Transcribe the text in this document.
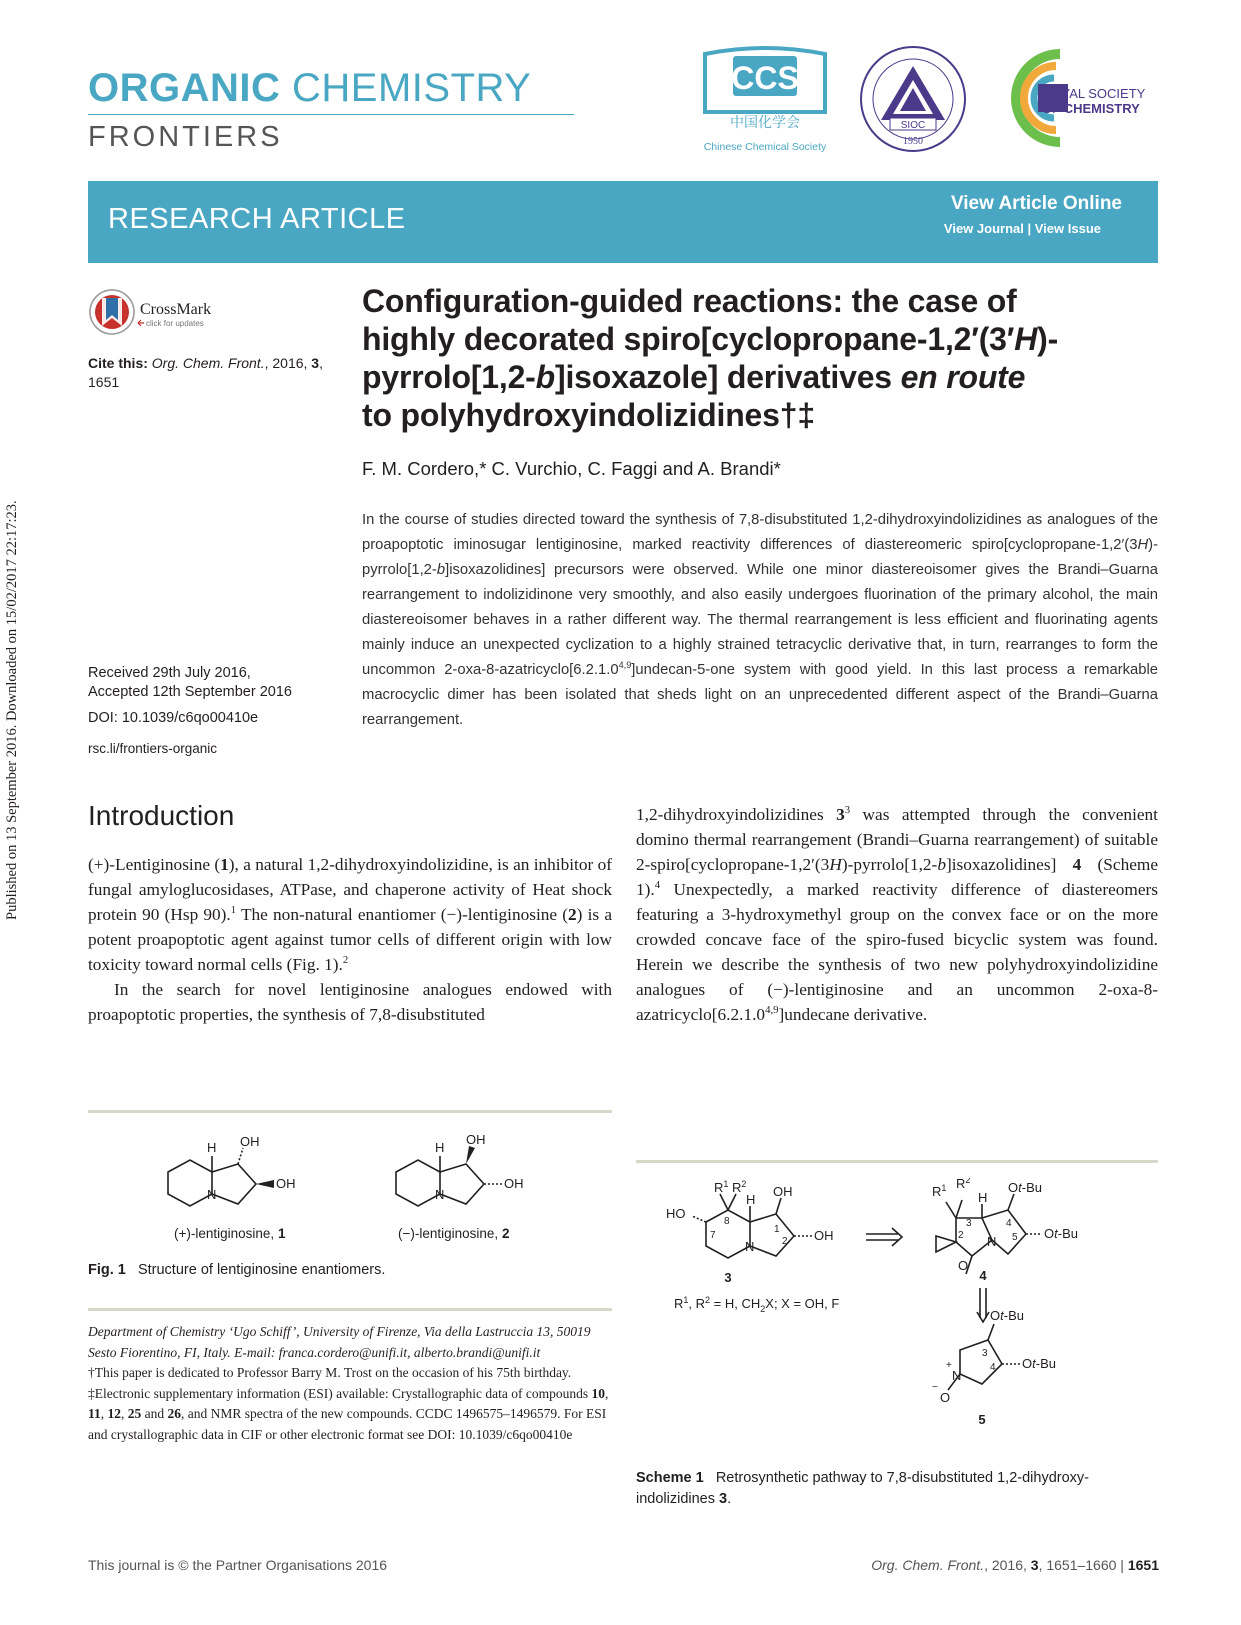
ORGANIC CHEMISTRY
FRONTIERS
CCS
中国化学会
Chinese Chemical Society
SIOC
1950
ROYAL SOCIETY
OF CHEMISTRY
RESEARCH ARTICLE	View Article Online
View Journal | View Issue
Published on 13 September 2016. Downloaded on 15/02/2017 22:17:23.
CrossMark
click for updates
Cite this: Org. Chem. Front., 2016, 3, 1651
Received 29th July 2016,
Accepted 12th September 2016
DOI: 10.1039/c6qo00410e
rsc.li/frontiers-organic
Configuration-guided reactions: the case of
highly decorated spiro[cyclopropane-1,2′(3′H)-
pyrrolo[1,2-b]isoxazole] derivatives en route
to polyhydroxyindolizidines†‡
F. M. Cordero,* C. Vurchio, C. Faggi and A. Brandi*
In the course of studies directed toward the synthesis of 7,8-disubstituted 1,2-dihydroxyindolizidines as analogues of the proapoptotic iminosugar lentiginosine, marked reactivity differences of diastereomeric spiro[cyclopropane-1,2′(3H)-pyrrolo[1,2-b]isoxazolidines] precursors were observed. While one minor diastereoisomer gives the Brandi–Guarna rearrangement to indolizidinone very smoothly, and also easily undergoes fluorination of the primary alcohol, the main diastereoisomer behaves in a rather different way. The thermal rearrangement is less efficient and fluorinating agents mainly induce an unexpected cyclization to a highly strained tetracyclic derivative that, in turn, rearranges to form the uncommon 2-oxa-8-azatricyclo[6.2.1.0$^{4,9}$]undecan-5-one system with good yield. In this last process a remarkable macrocyclic dimer has been isolated that sheds light on an unprecedented different aspect of the Brandi–Guarna rearrangement.
Introduction
(+)-Lentiginosine (1), a natural 1,2-dihydroxyindolizidine, is an inhibitor of fungal amyloglucosidases, ATPase, and chaperone activity of Heat shock protein 90 (Hsp 90).$^1$ The non-natural enantiomer (−)-lentiginosine (2) is a potent proapoptotic agent against tumor cells of different origin with low toxicity toward normal cells (Fig. 1).$^2$
In the search for novel lentiginosine analogues endowed with proapoptotic properties, the synthesis of 7,8-disubstituted
1,2-dihydroxyindolizidines $3^3$ was attempted through the convenient domino thermal rearrangement (Brandi–Guarna rearrangement) of suitable 2-spiro[cyclopropane-1,2′(3H)-pyrrolo[1,2-b]isoxazolidines] 4 (Scheme 1).$^4$ Unexpectedly, a marked reactivity difference of diastereomers featuring a 3-hydroxymethyl group on the convex face or on the more crowded concave face of the spiro-fused bicyclic system was found. Herein we describe the synthesis of two new polyhydroxyindolizidine analogues of (−)-lentiginosine and an uncommon 2-oxa-8-azatricyclo[6.2.1.0$^{4,9}$]undecane derivative.
H OH
OH
N
H
OH
OH
N
(+)-lentiginosine, 1	(−)-lentiginosine, 2
Fig. 1 Structure of lentiginosine enantiomers.

Department of Chemistry ‘Ugo Schiff’, University of Firenze, Via della Lastruccia 13, 50019 Sesto Fiorentino, FI, Italy. E-mail: franca.cordero@unifi.it, alberto.brandi@unifi.it

†This paper is dedicated to Professor Barry M. Trost on the occasion of his 75th birthday.

‡Electronic supplementary information (ESI) available: Crystallographic data of compounds 10, 11, 12, 25 and 26, and NMR spectra of the new compounds. CCDC 1496575–1496579. For ESI and crystallographic data in CIF or other electronic format see DOI: 10.1039/c6qo00410e

$R^1$ $R^2$
H
OH
OH
HO
N
7
8
1
2
3
$R^1$, $R^2 = H$, $CH_2X$; X = OH, F
$R^1$ $R^2$
H
Ot-Bu
Ot-Bu
N
O
2
3	4
5
4
Ot-Bu
Ot-Bu
N
+
O
−
3
4
5
Scheme 1 Retrosynthetic pathway to 7,8-disubstituted 1,2-dihydroxy-indolizidines 3.
This journal is © the Partner Organisations 2016	Org. Chem. Front., 2016, 3, 1651–1660 | 1651
